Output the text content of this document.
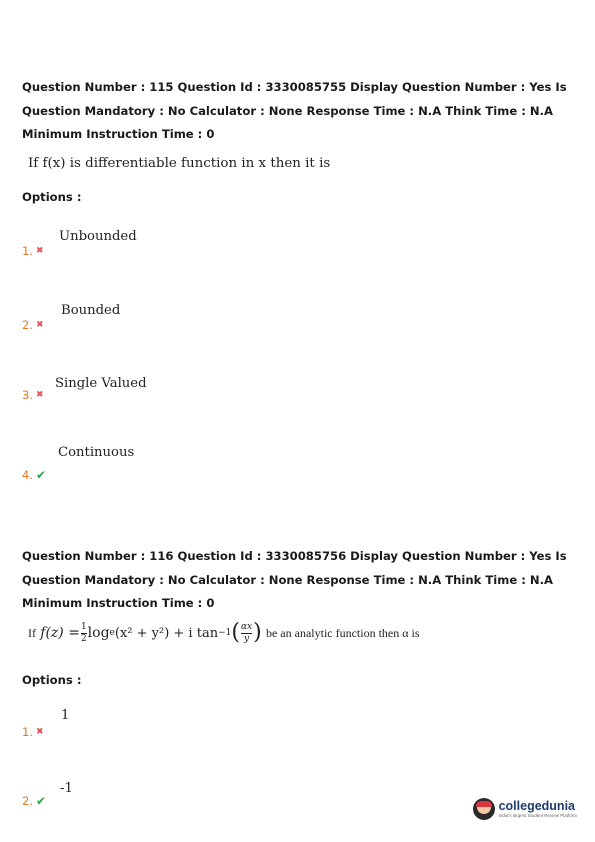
Question Number : 115 Question Id : 3330085755 Display Question Number : Yes Is Question Mandatory : No Calculator : None Response Time : N.A Think Time : N.A Minimum Instruction Time : 0
If f(x) is differentiable function in x then it is
Options :
Unbounded
1. ✖
Bounded
2. ✖
Single Valued
3. ✖
Continuous
4. ✔
Question Number : 116 Question Id : 3330085756 Display Question Number : Yes Is Question Mandatory : No Calculator : None Response Time : N.A Think Time : N.A Minimum Instruction Time : 0
If
$f(z) = \frac{1}{2}$ log e (x² + y²) + i tan −1 ( $\frac{\alpha x}{y}$ )
be an analytic function then α is
Options :
1
1. ✖
-1
2. ✔	collegedunia
India's largest Student Review Platform
